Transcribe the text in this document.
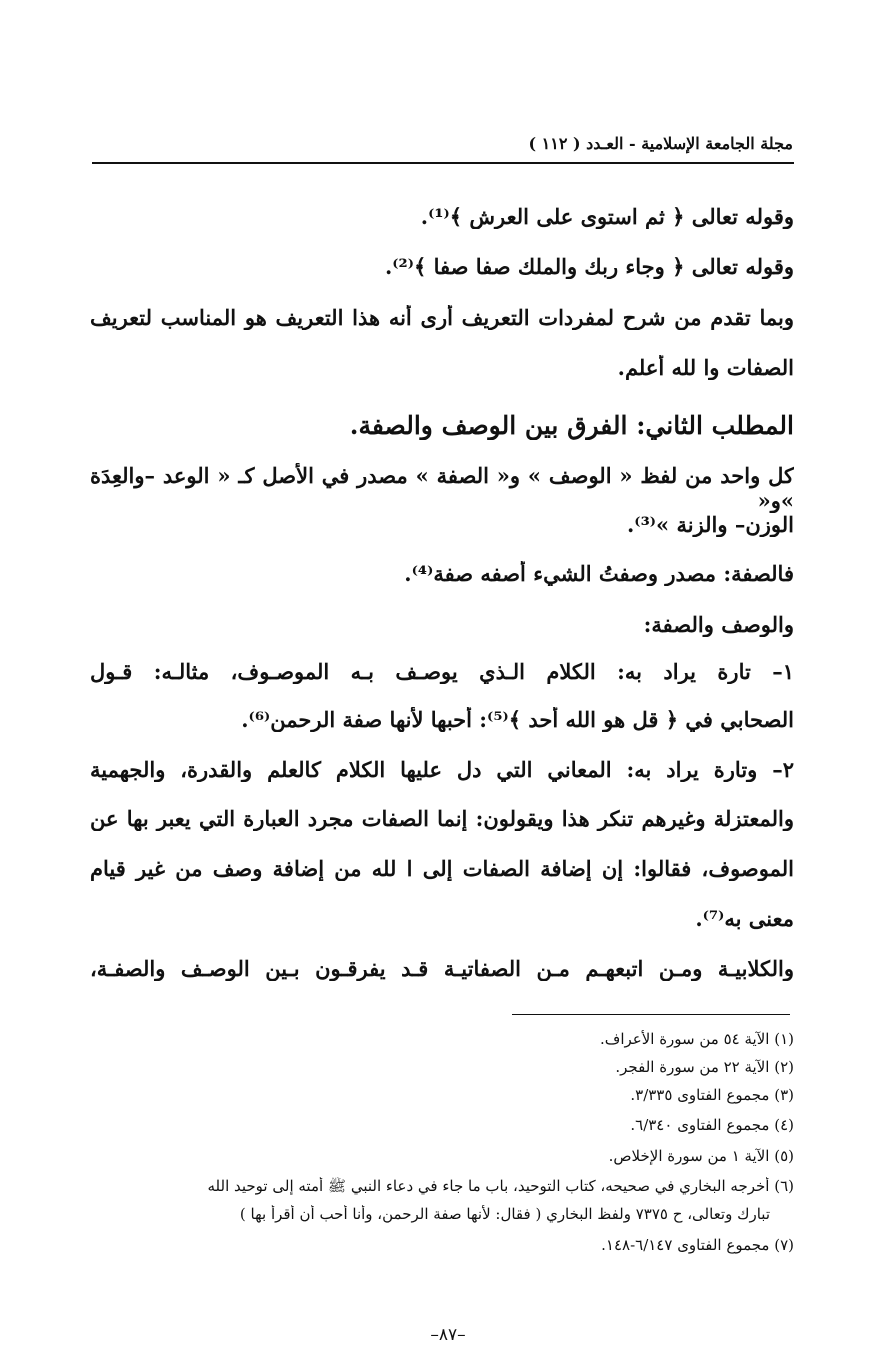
مجلة الجامعة الإسلامية - العـدد ( ١١٢ )
وقوله تعالى ﴿ ثم استوى على العرش ﴾⁽¹⁾.
وقوله تعالى ﴿ وجاء ربك والملك صفا صفا ﴾⁽²⁾.
وبما تقدم من شرح لمفردات التعريف أرى أنه هذا التعريف هو المناسب لتعريف
الصفات وا لله أعلم.
المطلب الثاني: الفرق بين الوصف والصفة.
كل واحد من لفظ « الوصف » و« الصفة » مصدر في الأصل كـ « الوعد –والعِدَة »و«
الوزن– والزنة »⁽³⁾.
فالصفة: مصدر وصفتُ الشيء أصفه صفة⁽⁴⁾.
والوصف والصفة:
١– تارة يراد به: الكلام الـذي يوصـف بـه الموصـوف، مثالـه: قـول
الصحابي في ﴿ قل هو الله أحد ﴾⁽⁵⁾: أحبها لأنها صفة الرحمن⁽⁶⁾.
٢– وتارة يراد به: المعاني التي دل عليها الكلام كالعلم والقدرة، والجهمية
والمعتزلة وغيرهم تنكر هذا ويقولون: إنما الصفات مجرد العبارة التي يعبر بها عن
الموصوف، فقالوا: إن إضافة الصفات إلى ا لله من إضافة وصف من غير قيام
معنى به⁽⁷⁾.
والكلابيـة ومـن اتبعهـم مـن الصفاتيـة قـد يفرقـون بـين الوصـف والصفـة،
(١) الآية ٥٤ من سورة الأعراف.
(٢) الآية ٢٢ من سورة الفجر.
(٣) مجموع الفتاوى ٣/٣٣٥.
(٤) مجموع الفتاوى ٦/٣٤٠.
(٥) الآية ١ من سورة الإخلاص.
(٦) أخرجه البخاري في صحيحه، كتاب التوحيد، باب ما جاء في دعاء النبي ﷺ أمته إلى توحيد الله
تبارك وتعالى، ح ٧٣٧٥ ولفظ البخاري ( فقال: لأنها صفة الرحمن، وأنا أحب أن أقرأ بها )
(٧) مجموع الفتاوى ٦/١٤٧-١٤٨.
–٨٧–
